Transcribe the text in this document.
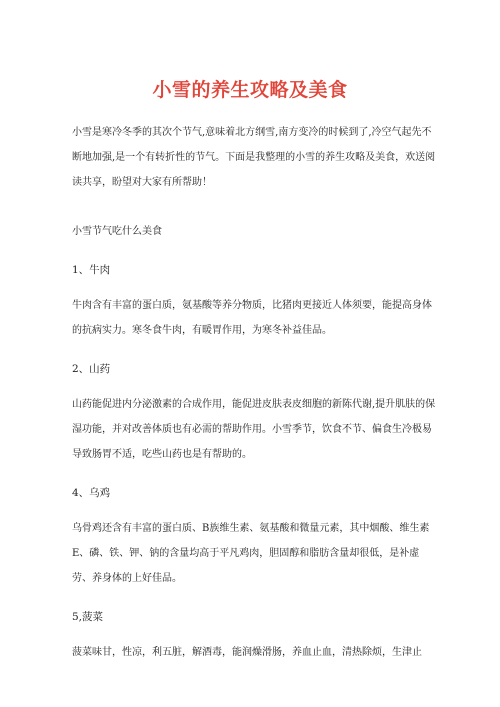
小雪的养生攻略及美食

小雪是寒冷冬季的其次个节气,意味着北方纲雪,南方变冷的时候到了,冷空气起先不断地加强,是一个有转折性的节气。下面是我整理的小雪的养生攻略及美食，欢送阅读共享，盼望对大家有所帮助！

小雪节气吃什么美食

1、牛肉

牛肉含有丰富的蛋白质，氨基酸等养分物质，比猪肉更接近人体须要，能提高身体的抗病实力。寒冬食牛肉，有暖胃作用，为寒冬补益佳品。

2、山药

山药能促进内分泌激素的合成作用，能促进皮肤表皮细胞的新陈代谢,提升肌肤的保湿功能，并对改善体质也有必需的帮助作用。小雪季节，饮食不节、偏食生冷极易导致肠胃不适，吃些山药也是有帮助的。

4、乌鸡

乌骨鸡还含有丰富的蛋白质、B族维生素、氨基酸和微量元素，其中烟酸、维生素E、磷、铁、钾、钠的含量均高于平凡鸡肉，胆固醇和脂肪含量却很低，是补虚劳、养身体的上好佳品。

5,菠菜

菠菜味甘，性凉，利五脏，解酒毒，能润燥滑肠，养血止血，清热除烦，生津止
